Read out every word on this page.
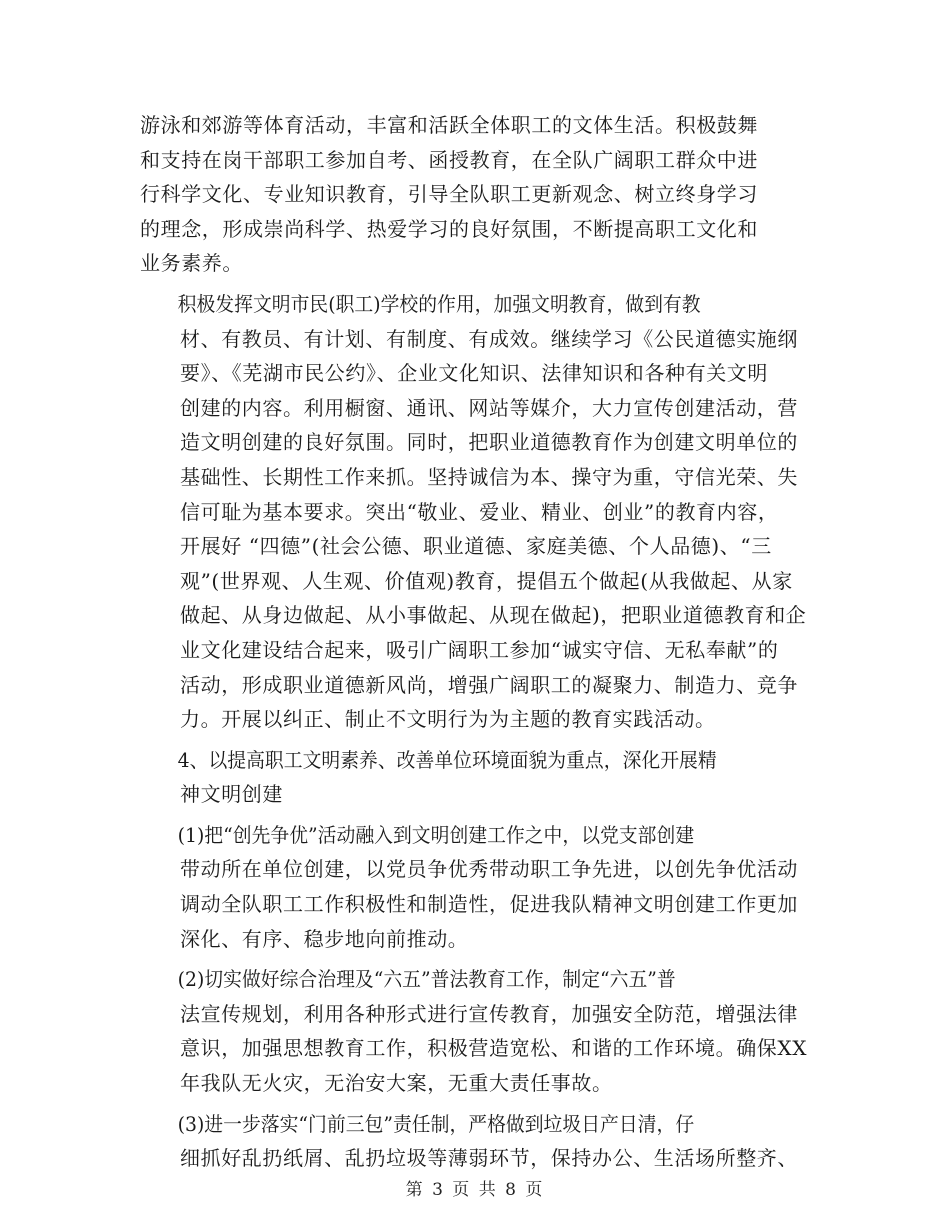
游泳和郊游等体育活动，丰富和活跃全体职工的文体生活。积极鼓舞
和支持在岗干部职工参加自考、函授教育，在全队广阔职工群众中进
行科学文化、专业知识教育，引导全队职工更新观念、树立终身学习
的理念，形成崇尚科学、热爱学习的良好氛围，不断提高职工文化和
业务素养。
积极发挥文明市民(职工)学校的作用，加强文明教育，做到有教
材、有教员、有计划、有制度、有成效。继续学习《公民道德实施纲
要》、《芜湖市民公约》、企业文化知识、法律知识和各种有关文明
创建的内容。利用橱窗、通讯、网站等媒介，大力宣传创建活动，营
造文明创建的良好氛围。同时，把职业道德教育作为创建文明单位的
基础性、长期性工作来抓。坚持诚信为本、操守为重，守信光荣、失
信可耻为基本要求。突出“敬业、爱业、精业、创业”的教育内容，
开展好 “四德”(社会公德、职业道德、家庭美德、个人品德)、“三
观”(世界观、人生观、价值观)教育，提倡五个做起(从我做起、从家
做起、从身边做起、从小事做起、从现在做起)，把职业道德教育和企
业文化建设结合起来，吸引广阔职工参加“诚实守信、无私奉献”的
活动，形成职业道德新风尚，增强广阔职工的凝聚力、制造力、竞争
力。开展以纠正、制止不文明行为为主题的教育实践活动。
4、以提高职工文明素养、改善单位环境面貌为重点，深化开展精
神文明创建
(1)把“创先争优”活动融入到文明创建工作之中，以党支部创建
带动所在单位创建，以党员争优秀带动职工争先进，以创先争优活动
调动全队职工工作积极性和制造性，促进我队精神文明创建工作更加
深化、有序、稳步地向前推动。
(2)切实做好综合治理及“六五”普法教育工作，制定“六五”普
法宣传规划，利用各种形式进行宣传教育，加强安全防范，增强法律
意识，加强思想教育工作，积极营造宽松、和谐的工作环境。确保XX
年我队无火灾，无治安大案，无重大责任事故。
(3)进一步落实“门前三包”责任制，严格做到垃圾日产日清，仔
细抓好乱扔纸屑、乱扔垃圾等薄弱环节，保持办公、生活场所整齐、
第 3 页 共 8 页
